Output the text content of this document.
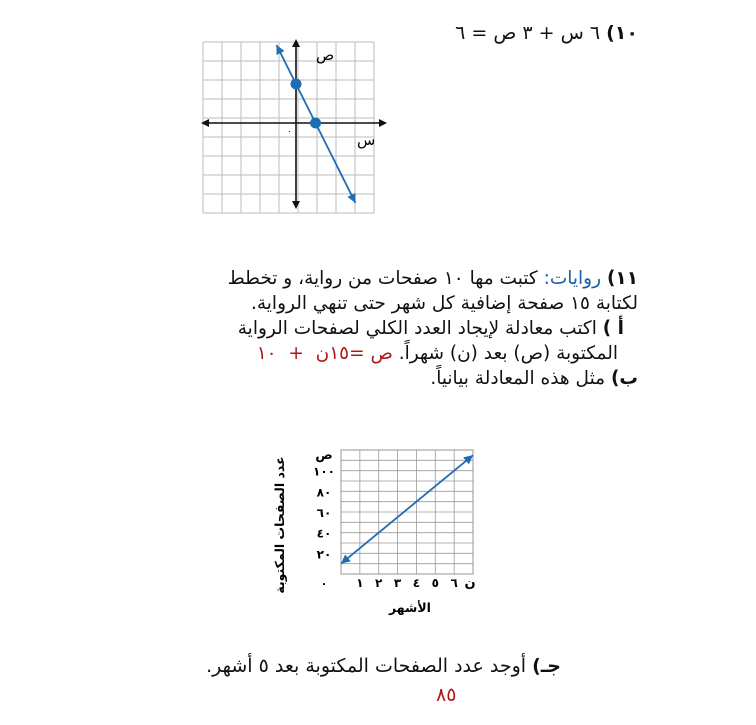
١٠) ٦ س + ٣ ص = ٦
ص
س
٠
١١) روايات: كتبت مها ١٠ صفحات من رواية، و تخطط
لكتابة ١٥ صفحة إضافية كل شهر حتى تنهي الرواية.
أ ) اكتب معادلة لإيجاد العدد الكلي لصفحات الرواية
المكتوبة (ص) بعد (ن) شهراً. ص =١٥ن  +  ١٠
ب) مثل هذه المعادلة بيانياً.
٢٠
٤٠
٦٠
٨٠
١٠٠
١ ٢ ٣ ٤ ٥ ٦
ص
ن
٠
الأشهر
عدد الصفحات المكتوبة
جـ) أوجد عدد الصفحات المكتوبة بعد ٥ أشهر.
٨٥
